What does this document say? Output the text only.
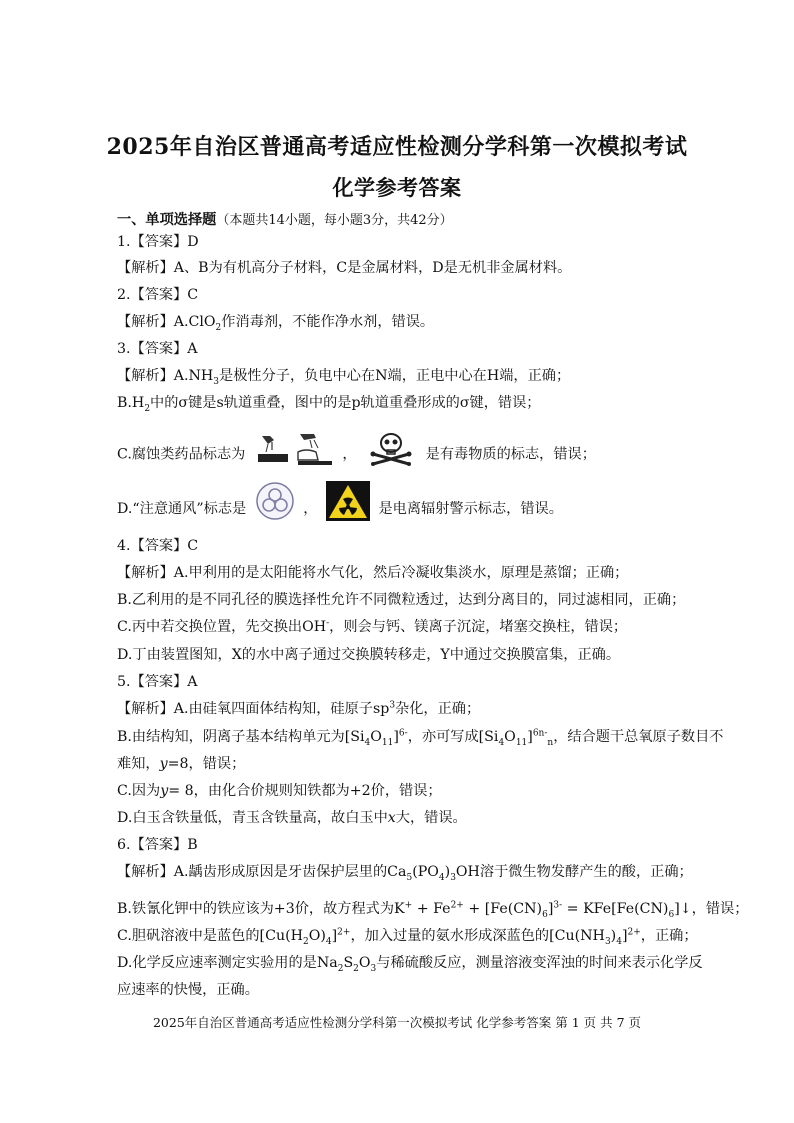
2025年自治区普通高考适应性检测分学科第一次模拟考试
化学参考答案
一、单项选择题（本题共14小题，每小题3分，共42分）
1.【答案】D
【解析】A、B为有机高分子材料，C是金属材料，D是无机非金属材料。
2.【答案】C
【解析】A.ClO$_2$作消毒剂，不能作净水剂，错误。
3.【答案】A
【解析】$A.NH_3$是极性分子，负电中心在N端，正电中心在H端，正确；
$B.H_2$中的σ键是s轨道重叠，图中的是p轨道重叠形成的σ键，错误；
C.腐蚀类药品标志为	，	是有毒物质的标志，错误；
D.“注意通风”标志是	，	是电离辐射警示标志，错误。
4.【答案】C
【解析】A.甲利用的是太阳能将水气化，然后冷凝收集淡水，原理是蒸馏；正确；
B.乙利用的是不同孔径的膜选择性允许不同微粒透过，达到分离目的，同过滤相同，正确；
C.丙中若交换位置，先交换出OH-，则会与钙、镁离子沉淀，堵塞交换柱，错误；
D.丁由装置图知，X的水中离子通过交换膜转移走，Y中通过交换膜富集，正确。
5.【答案】A
【解析】A.由硅氧四面体结构知，硅原子$sp^3$杂化，正确；
B.由结构知，阴离子基本结构单元为$[Si_4O_{11}]^{6-}$，亦可写成$[Si_4O_{11}]^{6n-}_n$，结合题干总氧原子数目不
难知，y=8，错误；
C.因为y= 8，由化合价规则知铁都为+2价，错误；
D.白玉含铁量低，青玉含铁量高，故白玉中x大，错误。
6.【答案】B
【解析】A.龋齿形成原因是牙齿保护层里的$Ca_5(PO_4)_3OH$溶于微生物发酵产生的酸，正确；
B.铁氰化钾中的铁应该为+3价，故方程式为$K^+ + Fe^{2+} + [Fe(CN)_6]^{3-}$ = $KFe[Fe(CN)_6]↓$，错误；
C.胆矾溶液中是蓝色的$[Cu(H_2O)_4]^{2+}$，加入过量的氨水形成深蓝色的$[Cu(NH_3)_4]^{2+}$，正确；
D.化学反应速率测定实验用的是$Na_2S_2O_3$与稀硫酸反应，测量溶液变浑浊的时间来表示化学反
应速率的快慢，正确。
2025年自治区普通高考适应性检测分学科第一次模拟考试 化学参考答案 第 1 页 共 7 页
